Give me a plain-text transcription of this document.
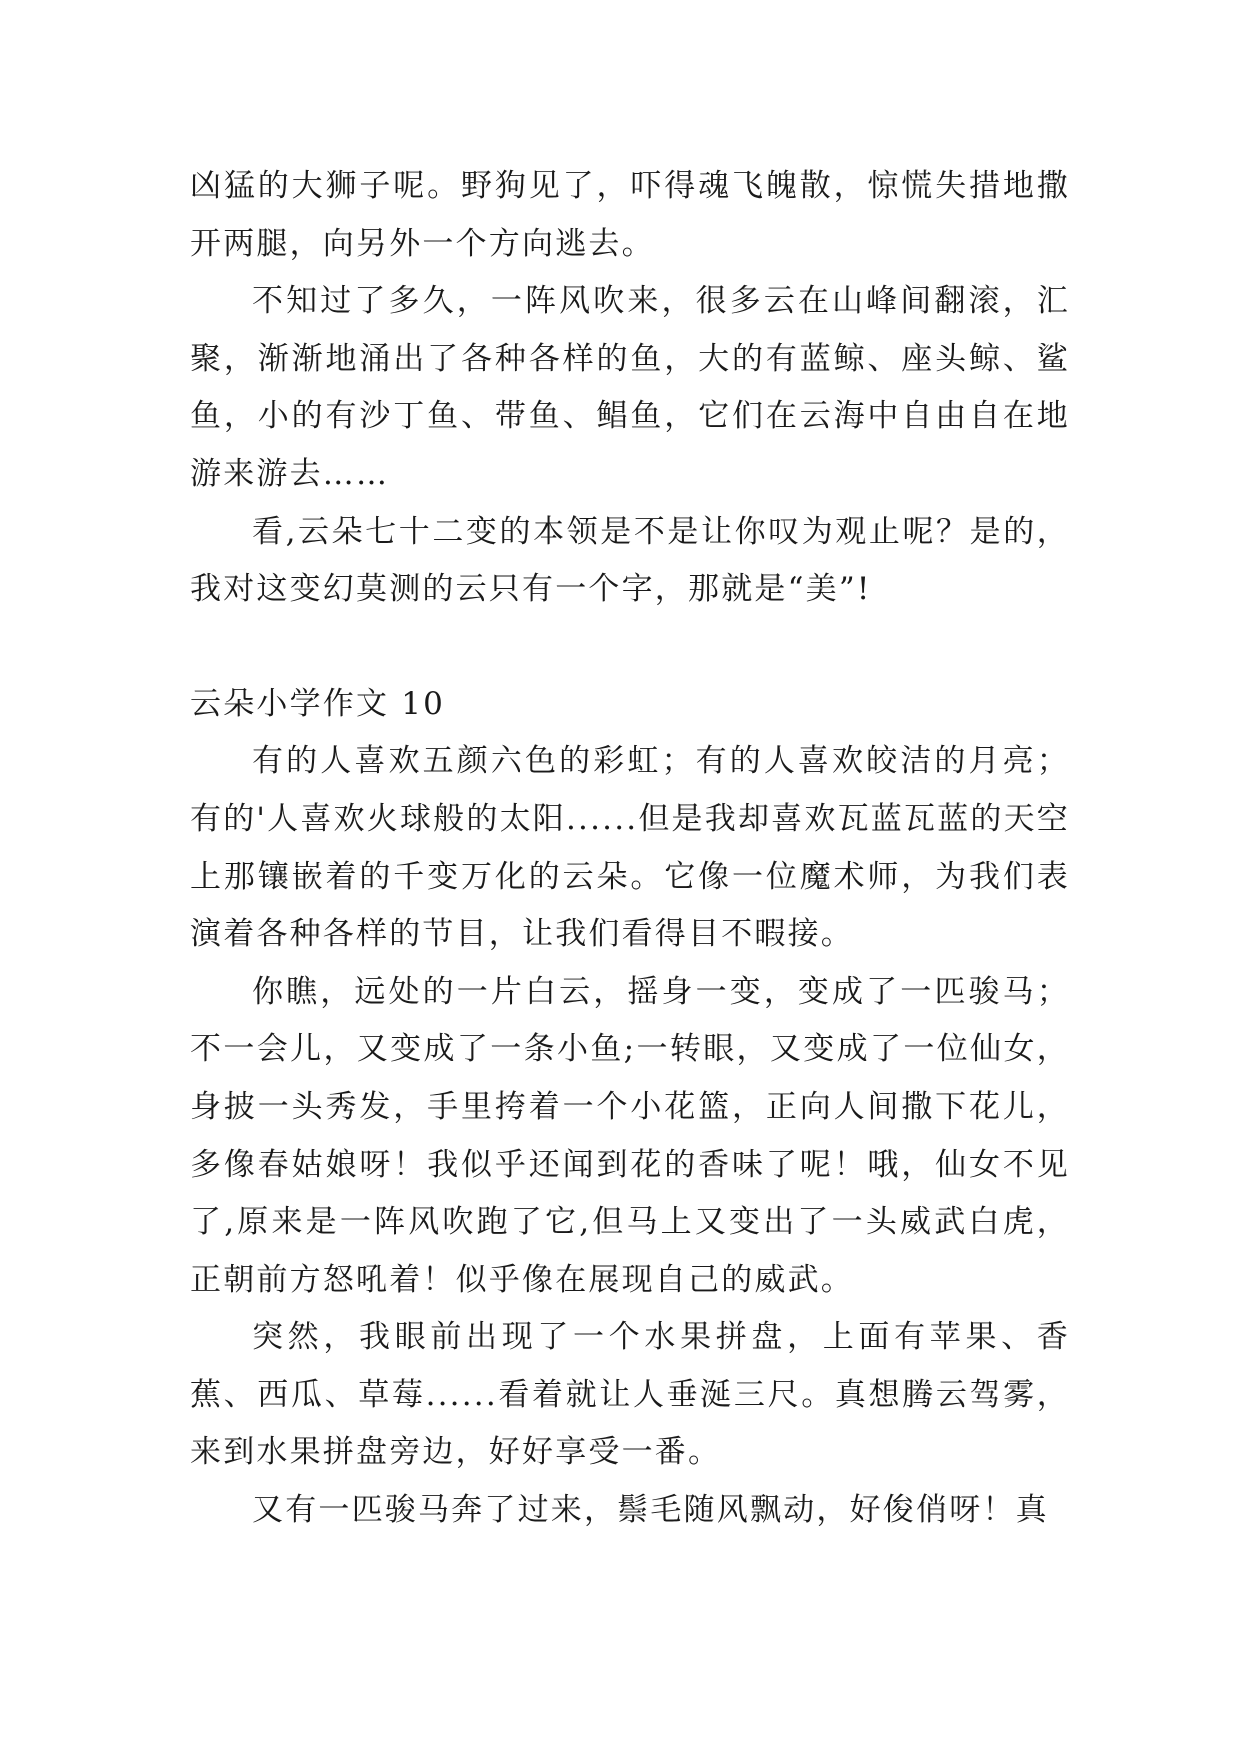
凶猛的大狮子呢。野狗见了，吓得魂飞魄散，惊慌失措地撒开两腿，向另外一个方向逃去。

不知过了多久，一阵风吹来，很多云在山峰间翻滚，汇聚，渐渐地涌出了各种各样的鱼，大的有蓝鲸、座头鲸、鲨鱼，小的有沙丁鱼、带鱼、鲳鱼，它们在云海中自由自在地游来游去……

看,云朵七十二变的本领是不是让你叹为观止呢？是的，我对这变幻莫测的云只有一个字，那就是“美”!

云朵小学作文 10

有的人喜欢五颜六色的彩虹；有的人喜欢皎洁的月亮；有的'人喜欢火球般的太阳......但是我却喜欢瓦蓝瓦蓝的天空上那镶嵌着的千变万化的云朵。它像一位魔术师，为我们表演着各种各样的节目，让我们看得目不暇接。

你瞧，远处的一片白云，摇身一变，变成了一匹骏马；不一会儿，又变成了一条小鱼;一转眼，又变成了一位仙女，身披一头秀发，手里挎着一个小花篮，正向人间撒下花儿，多像春姑娘呀！我似乎还闻到花的香味了呢！哦，仙女不见了,原来是一阵风吹跑了它,但马上又变出了一头威武白虎，正朝前方怒吼着！似乎像在展现自己的威武。

突然，我眼前出现了一个水果拼盘，上面有苹果、香蕉、西瓜、草莓......看着就让人垂涎三尺。真想腾云驾雾，来到水果拼盘旁边，好好享受一番。

又有一匹骏马奔了过来，鬃毛随风飘动，好俊俏呀！真
